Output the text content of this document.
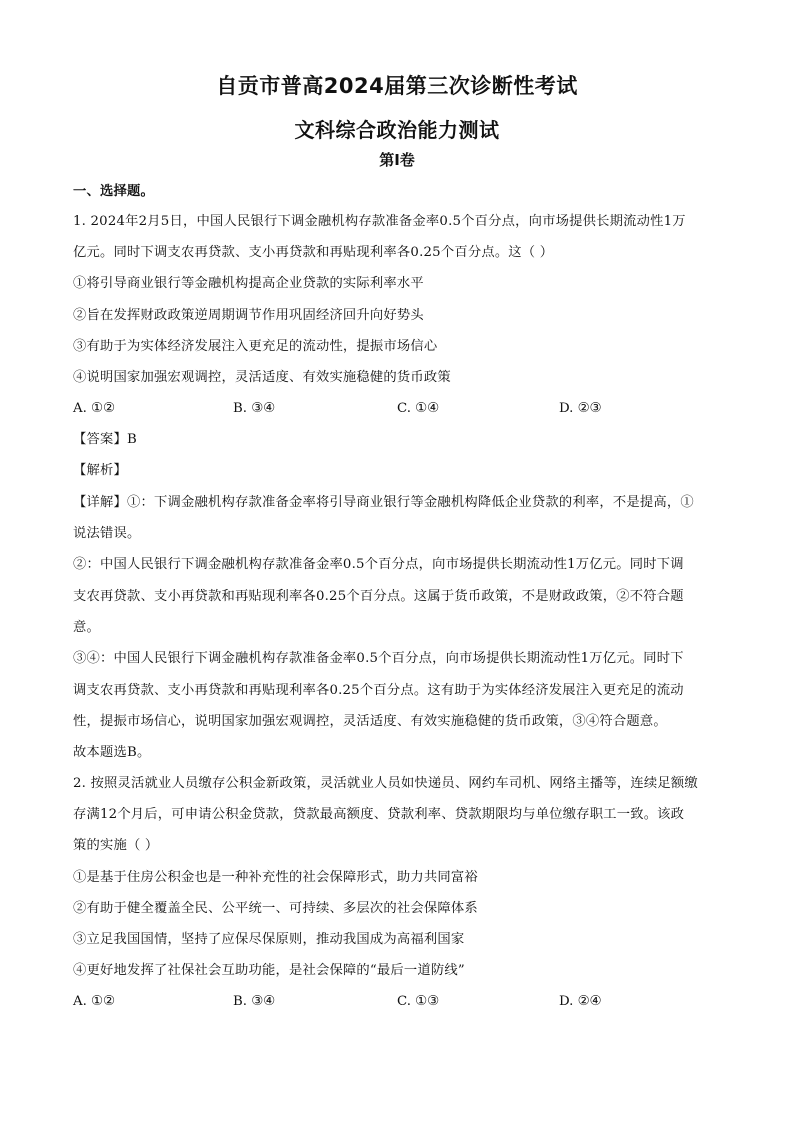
自贡市普高2024届第三次诊断性考试
文科综合政治能力测试
第Ⅰ卷
一、选择题。
1. 2024年2月5日，中国人民银行下调金融机构存款准备金率0.5个百分点，向市场提供长期流动性1万
亿元。同时下调支农再贷款、支小再贷款和再贴现利率各0.25个百分点。这（ ）
①将引导商业银行等金融机构提高企业贷款的实际利率水平
②旨在发挥财政政策逆周期调节作用巩固经济回升向好势头
③有助于为实体经济发展注入更充足的流动性，提振市场信心
④说明国家加强宏观调控，灵活适度、有效实施稳健的货币政策
A. ①②	B. ③④	C. ①④	D. ②③
【答案】B
【解析】
【详解】①：下调金融机构存款准备金率将引导商业银行等金融机构降低企业贷款的利率，不是提高，①
说法错误。
②：中国人民银行下调金融机构存款准备金率0.5个百分点，向市场提供长期流动性1万亿元。同时下调
支农再贷款、支小再贷款和再贴现利率各0.25个百分点。这属于货币政策，不是财政政策，②不符合题
意。
③④：中国人民银行下调金融机构存款准备金率0.5个百分点，向市场提供长期流动性1万亿元。同时下
调支农再贷款、支小再贷款和再贴现利率各0.25个百分点。这有助于为实体经济发展注入更充足的流动
性，提振市场信心，说明国家加强宏观调控，灵活适度、有效实施稳健的货币政策，③④符合题意。
故本题选B。
2. 按照灵活就业人员缴存公积金新政策，灵活就业人员如快递员、网约车司机、网络主播等，连续足额缴
存满12个月后，可申请公积金贷款，贷款最高额度、贷款利率、贷款期限均与单位缴存职工一致。该政
策的实施（ ）
①是基于住房公积金也是一种补充性的社会保障形式，助力共同富裕
②有助于健全覆盖全民、公平统一、可持续、多层次的社会保障体系
③立足我国国情，坚持了应保尽保原则，推动我国成为高福利国家
④更好地发挥了社保社会互助功能，是社会保障的“最后一道防线”
A. ①②	B. ③④	C. ①③	D. ②④
